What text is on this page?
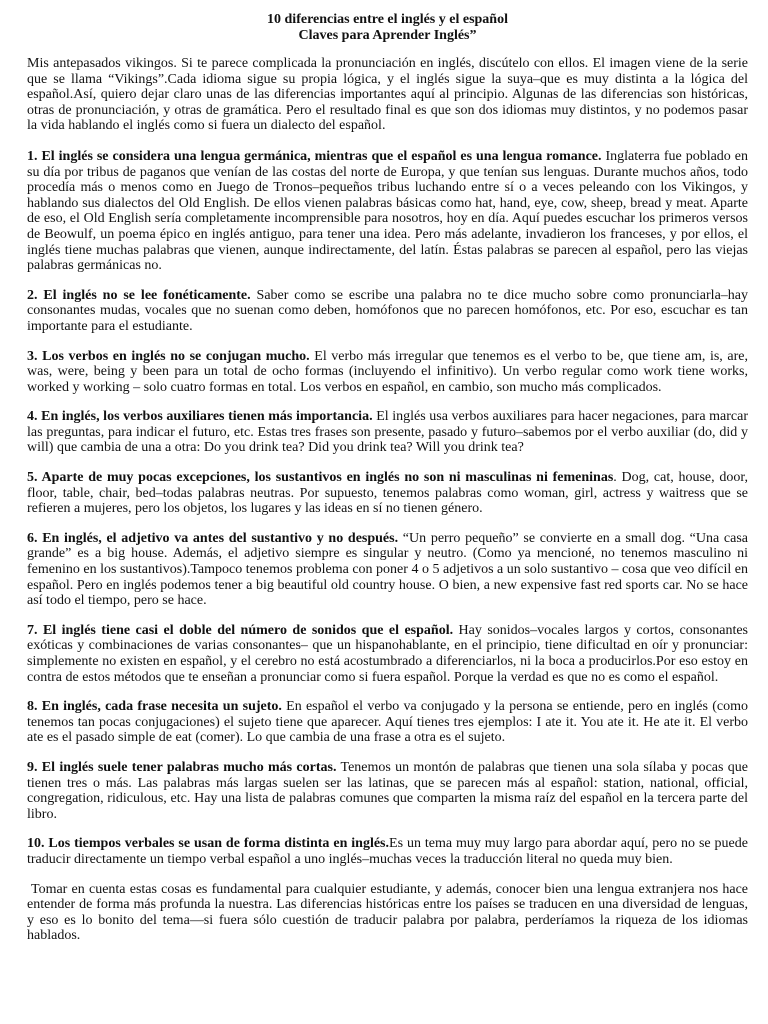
10 diferencias entre el inglés y el español
Claves para Aprender Inglés”

Mis antepasados vikingos. Si te parece complicada la pronunciación en inglés, discútelo con ellos. El imagen viene de la serie que se llama “Vikings”.Cada idioma sigue su propia lógica, y el inglés sigue la suya–que es muy distinta a la lógica del español.Así, quiero dejar claro unas de las diferencias importantes aquí al principio. Algunas de las diferencias son históricas, otras de pronunciación, y otras de gramática. Pero el resultado final es que son dos idiomas muy distintos, y no podemos pasar la vida hablando el inglés como si fuera un dialecto del español.

1. El inglés se considera una lengua germánica, mientras que el español es una lengua romance. Inglaterra fue poblado en su día por tribus de paganos que venían de las costas del norte de Europa, y que tenían sus lenguas. Durante muchos años, todo procedía más o menos como en Juego de Tronos–pequeños tribus luchando entre sí o a veces peleando con los Vikingos, y hablando sus dialectos del Old English. De ellos vienen palabras básicas como hat, hand, eye, cow, sheep, bread y meat. Aparte de eso, el Old English sería completamente incomprensible para nosotros, hoy en día. Aquí puedes escuchar los primeros versos de Beowulf, un poema épico en inglés antiguo, para tener una idea. Pero más adelante, invadieron los franceses, y por ellos, el inglés tiene muchas palabras que vienen, aunque indirectamente, del latín. Éstas palabras se parecen al español, pero las viejas palabras germánicas no.

2. El inglés no se lee fonéticamente. Saber como se escribe una palabra no te dice mucho sobre como pronunciarla–hay consonantes mudas, vocales que no suenan como deben, homófonos que no parecen homófonos, etc. Por eso, escuchar es tan importante para el estudiante.

3. Los verbos en inglés no se conjugan mucho. El verbo más irregular que tenemos es el verbo to be, que tiene am, is, are, was, were, being y been para un total de ocho formas (incluyendo el infinitivo). Un verbo regular como work tiene works, worked y working – solo cuatro formas en total. Los verbos en español, en cambio, son mucho más complicados.

4. En inglés, los verbos auxiliares tienen más importancia. El inglés usa verbos auxiliares para hacer negaciones, para marcar las preguntas, para indicar el futuro, etc. Estas tres frases son presente, pasado y futuro–sabemos por el verbo auxiliar (do, did y will) que cambia de una a otra: Do you drink tea? Did you drink tea? Will you drink tea?

5. Aparte de muy pocas excepciones, los sustantivos en inglés no son ni masculinas ni femeninas. Dog, cat, house, door, floor, table, chair, bed–todas palabras neutras. Por supuesto, tenemos palabras como woman, girl, actress y waitress que se refieren a mujeres, pero los objetos, los lugares y las ideas en sí no tienen género.

6. En inglés, el adjetivo va antes del sustantivo y no después. “Un perro pequeño” se convierte en a small dog. “Una casa grande” es a big house. Además, el adjetivo siempre es singular y neutro. (Como ya mencioné, no tenemos masculino ni femenino en los sustantivos).Tampoco tenemos problema con poner 4 o 5 adjetivos a un solo sustantivo – cosa que veo difícil en español. Pero en inglés podemos tener a big beautiful old country house. O bien, a new expensive fast red sports car. No se hace así todo el tiempo, pero se hace.

7. El inglés tiene casi el doble del número de sonidos que el español. Hay sonidos–vocales largos y cortos, consonantes exóticas y combinaciones de varias consonantes– que un hispanohablante, en el principio, tiene dificultad en oír y pronunciar: simplemente no existen en español, y el cerebro no está acostumbrado a diferenciarlos, ni la boca a producirlos.Por eso estoy en contra de estos métodos que te enseñan a pronunciar como si fuera español. Porque la verdad es que no es como el español.

8. En inglés, cada frase necesita un sujeto. En español el verbo va conjugado y la persona se entiende, pero en inglés (como tenemos tan pocas conjugaciones) el sujeto tiene que aparecer. Aquí tienes tres ejemplos: I ate it. You ate it. He ate it. El verbo ate es el pasado simple de eat (comer). Lo que cambia de una frase a otra es el sujeto.

9. El inglés suele tener palabras mucho más cortas. Tenemos un montón de palabras que tienen una sola sílaba y pocas que tienen tres o más. Las palabras más largas suelen ser las latinas, que se parecen más al español: station, national, official, congregation, ridiculous, etc. Hay una lista de palabras comunes que comparten la misma raíz del español en la tercera parte del libro.

10. Los tiempos verbales se usan de forma distinta en inglés.Es un tema muy muy largo para abordar aquí, pero no se puede traducir directamente un tiempo verbal español a uno inglés–muchas veces la traducción literal no queda muy bien.

Tomar en cuenta estas cosas es fundamental para cualquier estudiante, y además, conocer bien una lengua extranjera nos hace entender de forma más profunda la nuestra. Las diferencias históricas entre los países se traducen en una diversidad de lenguas, y eso es lo bonito del tema—si fuera sólo cuestión de traducir palabra por palabra, perderíamos la riqueza de los idiomas hablados.
